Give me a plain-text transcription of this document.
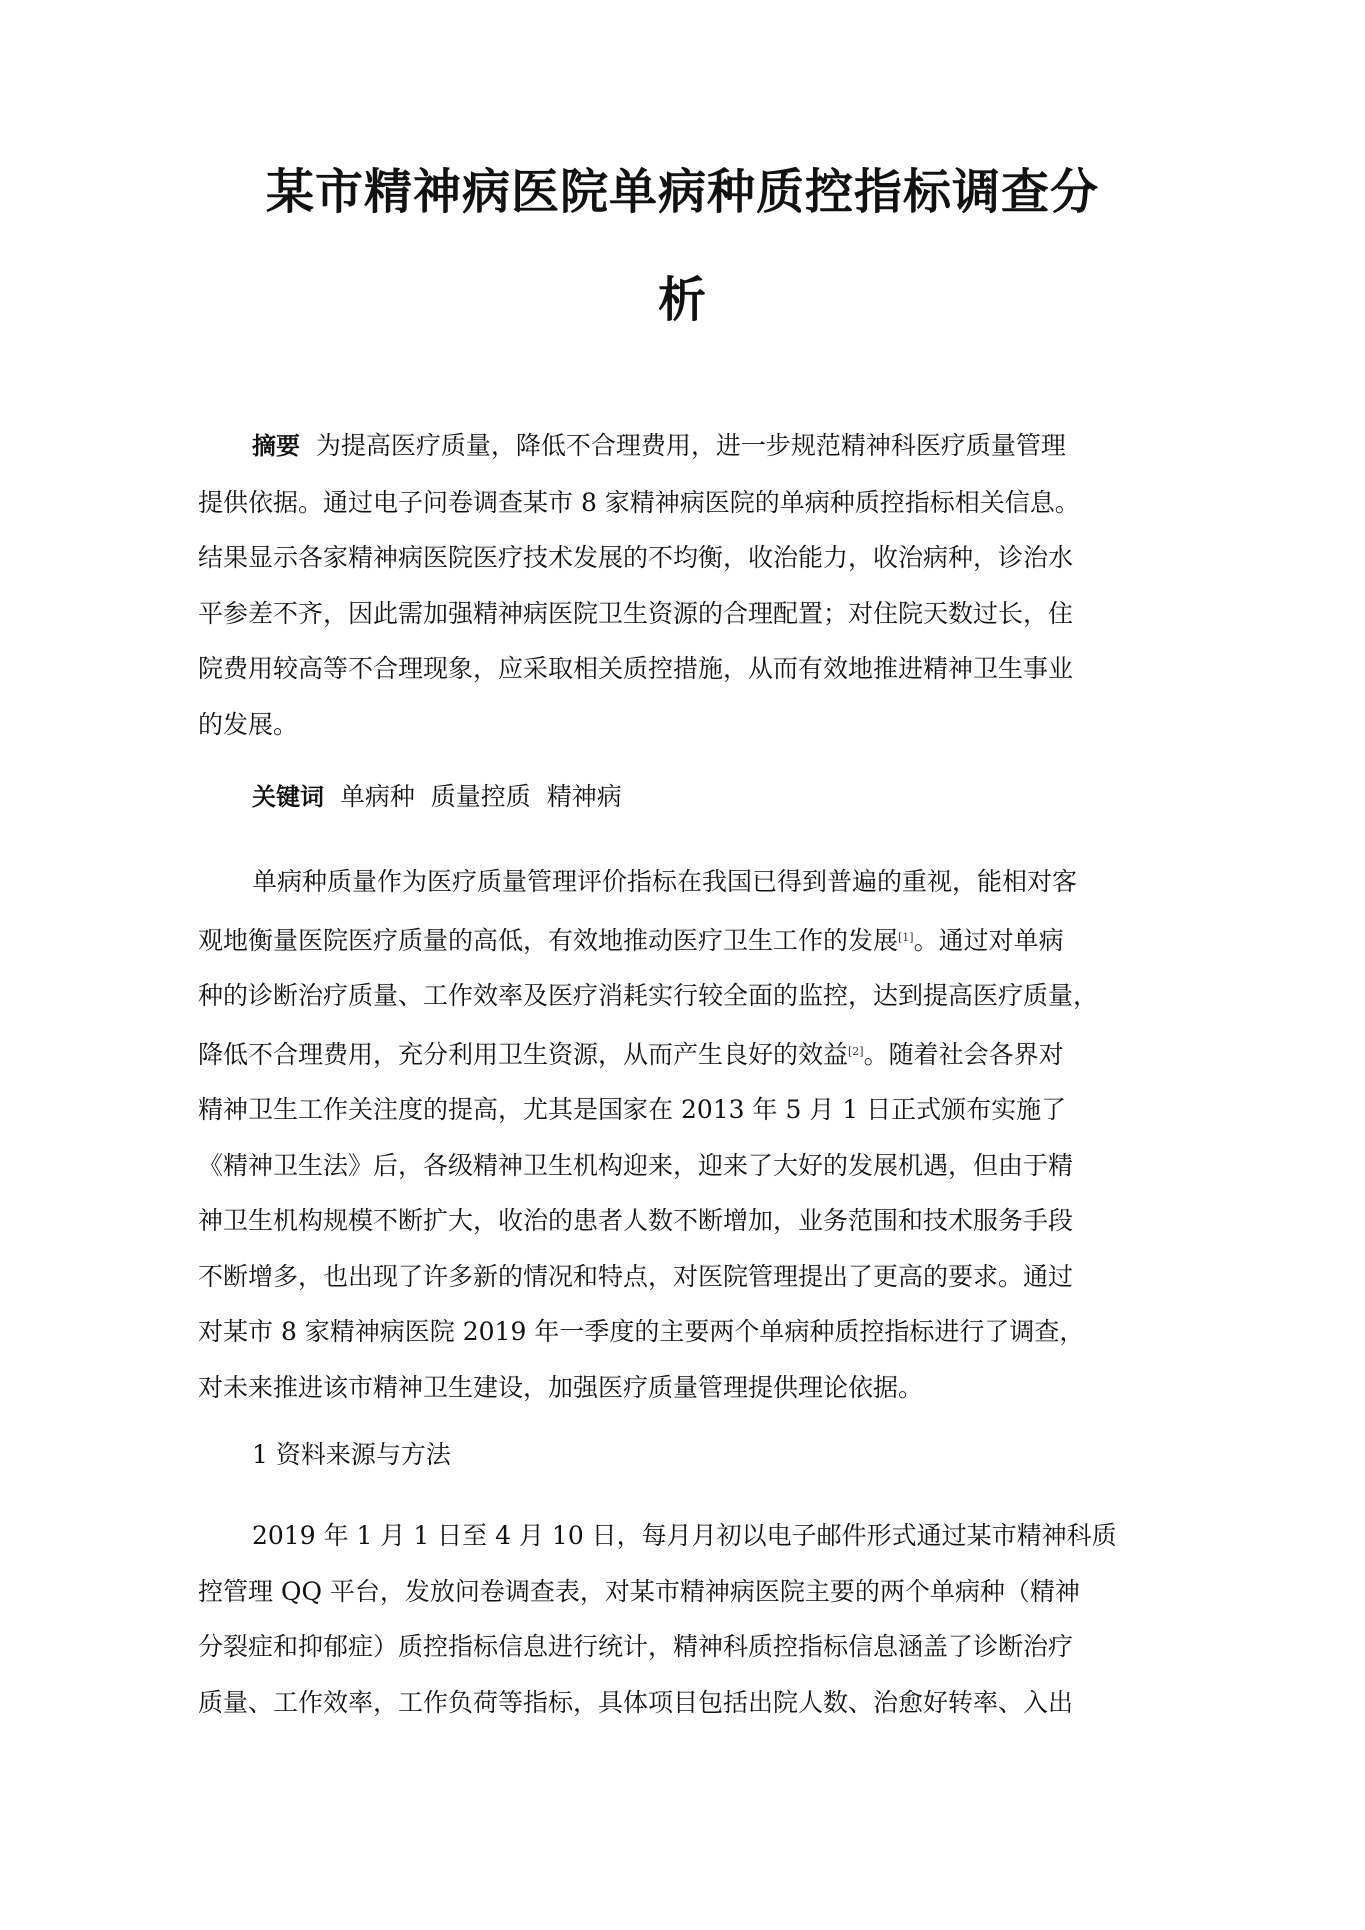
某市精神病医院单病种质控指标调查分
析
摘要 为提高医疗质量，降低不合理费用，进一步规范精神科医疗质量管理
提供依据。通过电子问卷调查某市 8 家精神病医院的单病种质控指标相关信息。
结果显示各家精神病医院医疗技术发展的不均衡，收治能力，收治病种，诊治水
平参差不齐，因此需加强精神病医院卫生资源的合理配置；对住院天数过长，住
院费用较高等不合理现象，应采取相关质控措施，从而有效地推进精神卫生事业
的发展。
关键词 单病种  质量控质  精神病
单病种质量作为医疗质量管理评价指标在我国已得到普遍的重视，能相对客
观地衡量医院医疗质量的高低，有效地推动医疗卫生工作的发展[1]。通过对单病
种的诊断治疗质量、工作效率及医疗消耗实行较全面的监控，达到提高医疗质量，
降低不合理费用，充分利用卫生资源，从而产生良好的效益[2]。随着社会各界对
精神卫生工作关注度的提高，尤其是国家在 2013 年 5 月 1 日正式颁布实施了
《精神卫生法》后，各级精神卫生机构迎来，迎来了大好的发展机遇，但由于精
神卫生机构规模不断扩大，收治的患者人数不断增加，业务范围和技术服务手段
不断增多，也出现了许多新的情况和特点，对医院管理提出了更高的要求。通过
对某市 8 家精神病医院 2019 年一季度的主要两个单病种质控指标进行了调查，
对未来推进该市精神卫生建设，加强医疗质量管理提供理论依据。
1 资料来源与方法
2019 年 1 月 1 日至 4 月 10 日，每月月初以电子邮件形式通过某市精神科质
控管理 QQ 平台，发放问卷调查表，对某市精神病医院主要的两个单病种（精神
分裂症和抑郁症）质控指标信息进行统计，精神科质控指标信息涵盖了诊断治疗
质量、工作效率，工作负荷等指标，具体项目包括出院人数、治愈好转率、入出
